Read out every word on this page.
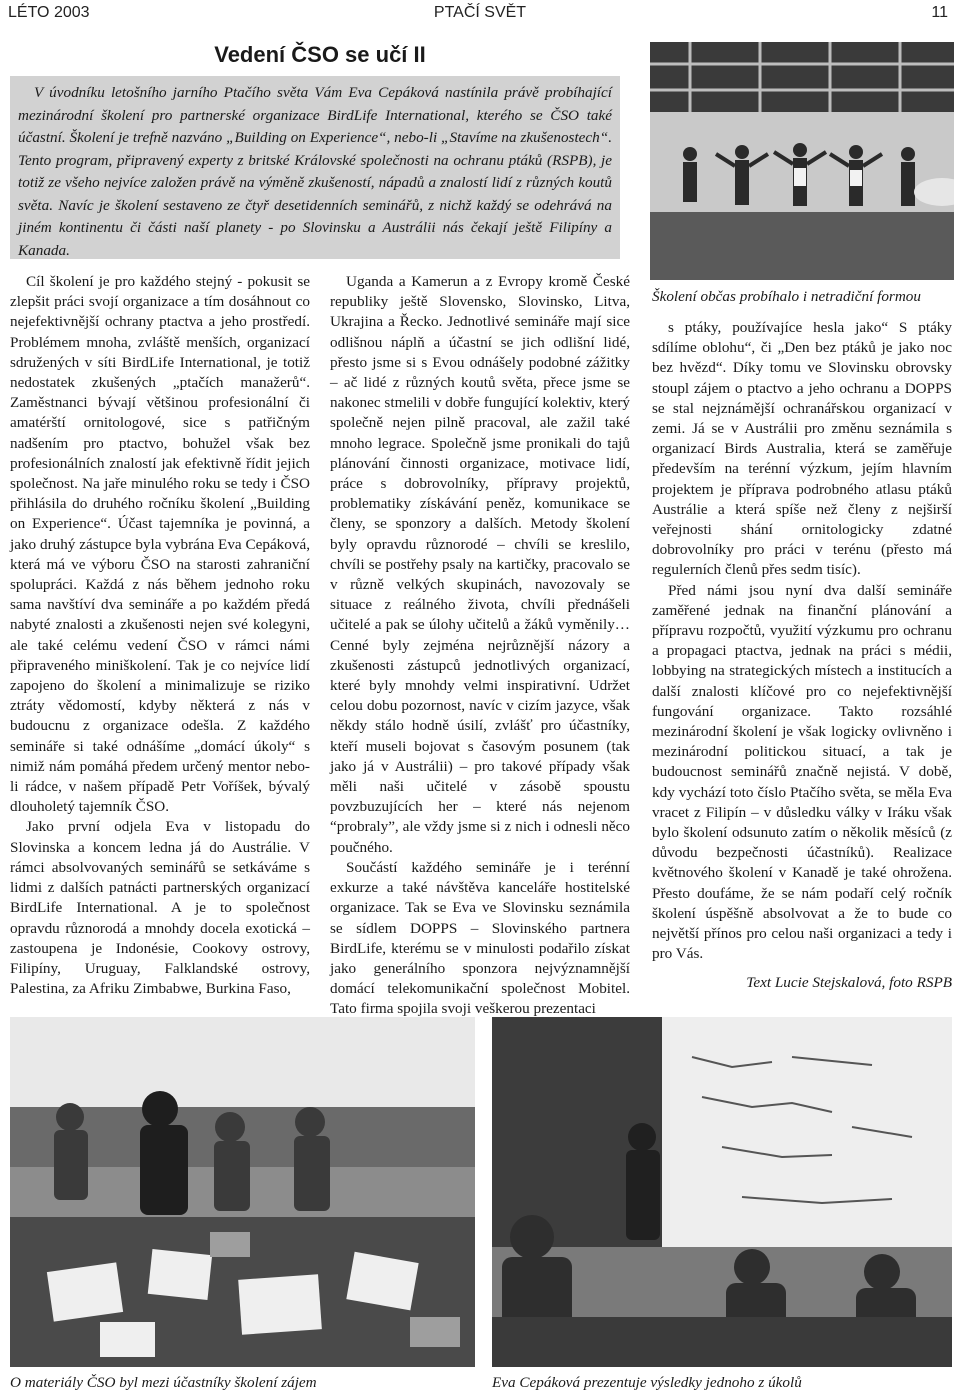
LÉTO 2003	PTAČÍ SVĚT	11
Vedení ČSO se učí II

V úvodníku letošního jarního Ptačího světa Vám Eva Cepáková nastínila právě probíhající mezinárodní školení pro partnerské organizace BirdLife International, kterého se ČSO také účastní. Školení je trefně nazváno „Building on Experience“, nebo-li „Stavíme na zkušenostech“. Tento program, připravený experty z britské Královské společnosti na ochranu ptáků (RSPB), je totiž ze všeho nejvíce založen právě na výměně zkušeností, nápadů a znalostí lidí z různých koutů světa. Navíc je školení sestaveno ze čtyř desetidenních seminářů, z nichž každý se odehrává na jiném kontinentu či části naší planety - po Slovinsku a Austrálii nás čekají ještě Filipíny a Kanada.

Školení občas probíhalo i netradiční formou

Cíl školení je pro každého stejný - pokusit se zlepšit práci svojí organizace a tím dosáhnout co nejefektivnější ochrany ptactva a jeho prostředí. Problémem mnoha, zvláště menších, organizací sdružených v síti BirdLife International, je totiž nedostatek zkušených „ptačích manažerů“. Zaměstnanci bývají většinou profesionální či amatérští ornitologové, sice s patřičným nadšením pro ptactvo, bohužel však bez profesionálních znalostí jak efektivně řídit jejich společnost. Na jaře minulého roku se tedy i ČSO přihlásila do druhého ročníku školení „Building on Experience“. Účast tajemníka je povinná, a jako druhý zástupce byla vybrána Eva Cepáková, která má ve výboru ČSO na starosti zahraniční spolupráci. Každá z nás během jednoho roku sama navštíví dva semináře a po každém předá nabyté znalosti a zkušenosti nejen své kolegyni, ale také celému vedení ČSO v rámci námi připraveného miniškolení. Tak je co nejvíce lidí zapojeno do školení a minimalizuje se riziko ztráty vědomostí, kdyby některá z nás v budoucnu z organizace odešla. Z každého semináře si také odnášíme „domácí úkoly“ s nimiž nám pomáhá předem určený mentor nebo-li rádce, v našem případě Petr Voříšek, bývalý dlouholetý tajemník ČSO.

Jako první odjela Eva v listopadu do Slovinska a koncem ledna já do Austrálie. V rámci absolvovaných seminářů se setkáváme s lidmi z dalších patnácti partnerských organizací BirdLife International. A je to společnost opravdu různorodá a mnohdy docela exotická – zastoupena je Indonésie, Cookovy ostrovy, Filipíny, Uruguay, Falklandské ostrovy, Palestina, za Afriku Zimbabwe, Burkina Faso,

Uganda a Kamerun a z Evropy kromě České republiky ještě Slovensko, Slovinsko, Litva, Ukrajina a Řecko. Jednotlivé semináře mají sice odlišnou náplň a účastní se jich odlišní lidé, přesto jsme si s Evou odnášely podobné zážitky – ač lidé z různých koutů světa, přece jsme se nakonec stmelili v dobře fungující kolektiv, který společně nejen pilně pracoval, ale zažil také mnoho legrace. Společně jsme pronikali do tajů plánování činnosti organizace, motivace lidí, práce s dobrovolníky, přípravy projektů, problematiky získávání peněz, komunikace se členy, se sponzory a dalších. Metody školení byly opravdu různorodé – chvíli se kreslilo, chvíli se postřehy psaly na kartičky, pracovalo se v různě velkých skupinách, navozovaly se situace z reálného života, chvíli přednášeli učitelé a pak se úlohy učitelů a žáků vyměnily… Cenné byly zejména nejrůznější názory a zkušenosti zástupců jednotlivých organizací, které byly mnohdy velmi inspirativní. Udržet celou dobu pozornost, navíc v cizím jazyce, však někdy stálo hodně úsilí, zvlášť pro účastníky, kteří museli bojovat s časovým posunem (tak jako já v Austrálii) – pro takové případy však měli naši učitelé v zásobě spoustu povzbuzujících her – které nás nejenom “probraly”, ale vždy jsme si z nich i odnesli něco poučného.

Součástí každého semináře je i terénní exkurze a také návštěva kanceláře hostitelské organizace. Tak se Eva ve Slovinsku seznámila se sídlem DOPPS – Slovinského partnera BirdLife, kterému se v minulosti podařilo získat jako generálního sponzora nejvýznamnější domácí telekomunikační společnost Mobitel. Tato firma spojila svoji veškerou prezentaci

s ptáky, používajíce hesla jako“ S ptáky sdílíme oblohu“, či „Den bez ptáků je jako noc bez hvězd“. Díky tomu ve Slovinsku obrovsky stoupl zájem o ptactvo a jeho ochranu a DOPPS se stal nejznámější ochranářskou organizací v zemi. Já se v Austrálii pro změnu seznámila s organizací Birds Australia, která se zaměřuje především na terénní výzkum, jejím hlavním projektem je příprava podrobného atlasu ptáků Austrálie a která spíše než členy z nejširší veřejnosti shání ornitologicky zdatné dobrovolníky pro práci v terénu (přesto má regulerních členů přes sedm tisíc).

Před námi jsou nyní dva další semináře zaměřené jednak na finanční plánování a přípravu rozpočtů, využití výzkumu pro ochranu a propagaci ptactva, jednak na práci s médii, lobbying na strategických místech a institucích a další znalosti klíčové pro co nejefektivnější fungování organizace. Takto rozsáhlé mezinárodní školení je však logicky ovlivněno i mezinárodní politickou situací, a tak je budoucnost seminářů značně nejistá. V době, kdy vychází toto číslo Ptačího světa, se měla Eva vracet z Filipín – v důsledku války v Iráku však bylo školení odsunuto zatím o několik měsíců (z důvodu bezpečnosti účastníků). Realizace květnového školení v Kanadě je také ohrožena. Přesto doufáme, že se nám podaří celý ročník školení úspěšně absolvovat a že to bude co největší přínos pro celou naši organizaci a tedy i pro Vás.

Text Lucie Stejskalová, foto RSPB

O materiály ČSO byl mezi účastníky školení zájem	Eva Cepáková prezentuje výsledky jednoho z úkolů
